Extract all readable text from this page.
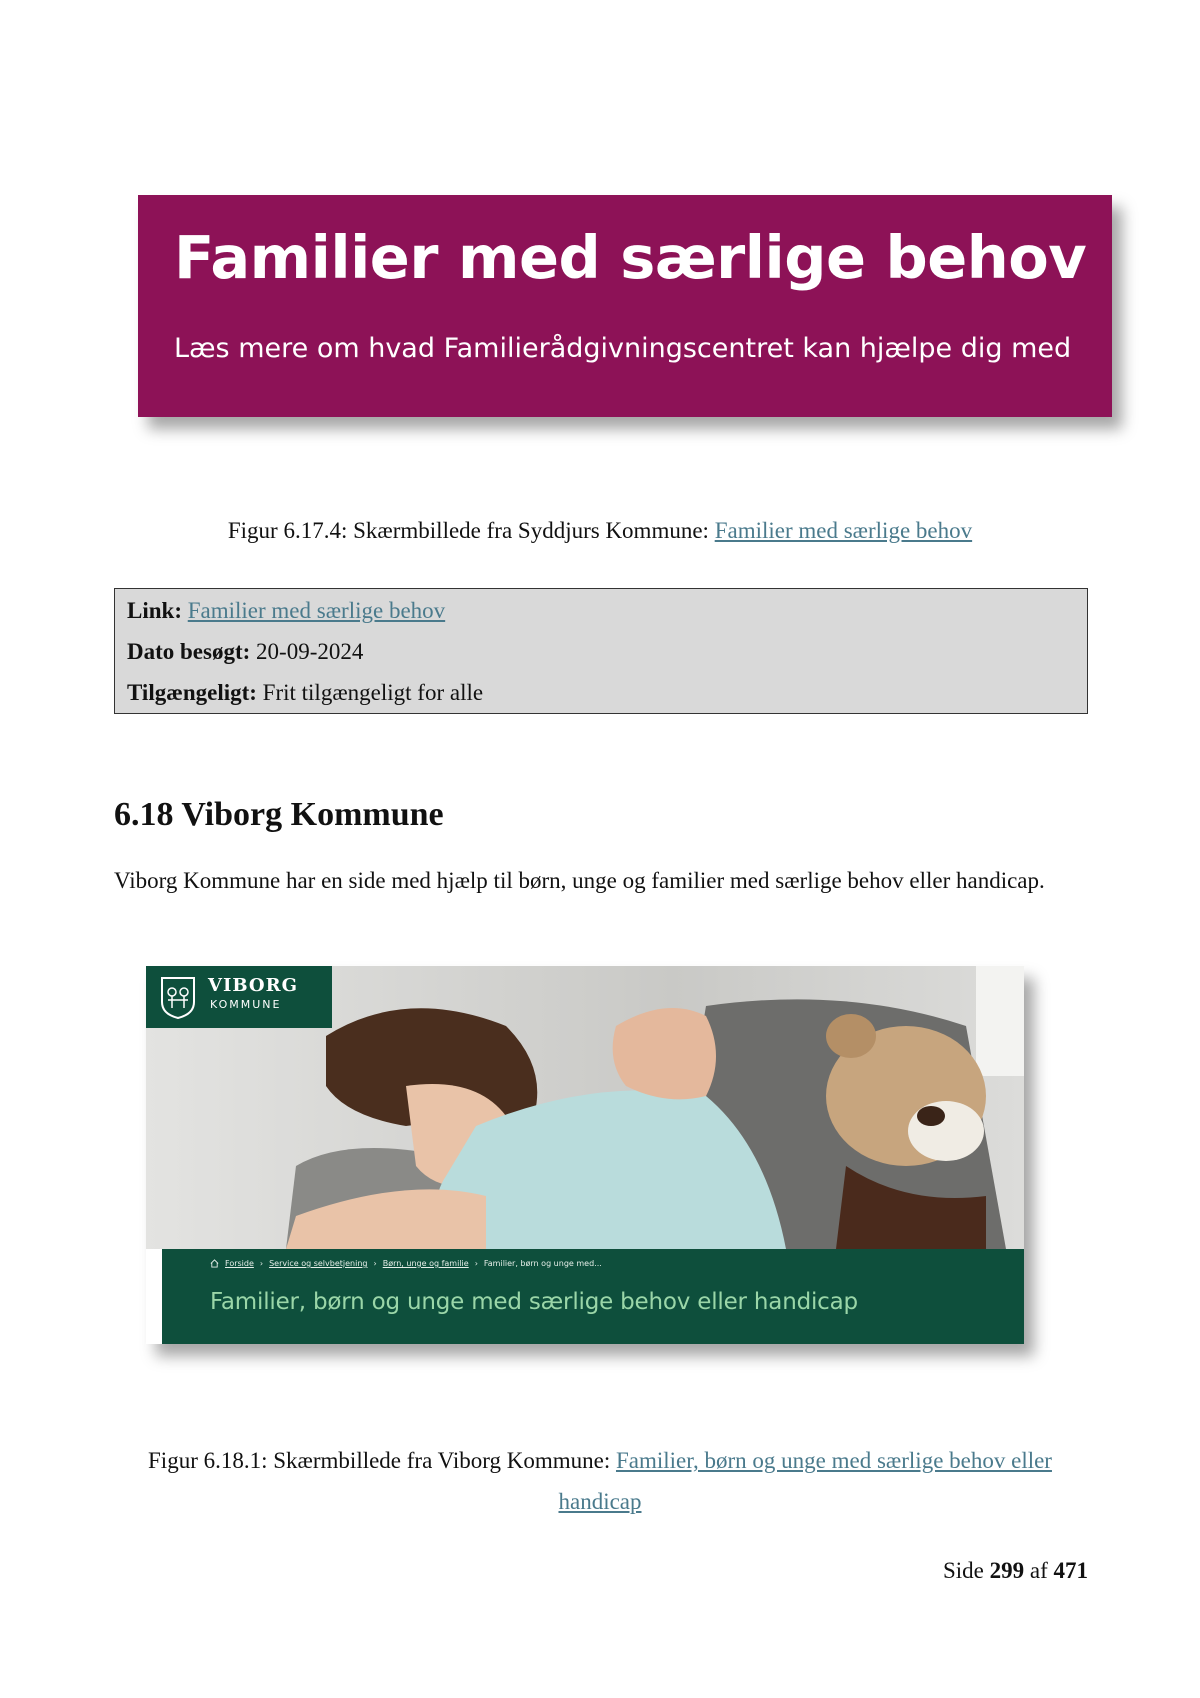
Familier med særlige behov
Læs mere om hvad Familierådgivningscentret kan hjælpe dig med
Figur 6.17.4: Skærmbillede fra Syddjurs Kommune: Familier med særlige behov
Link: Familier med særlige behov
Dato besøgt: 20-09-2024
Tilgængeligt: Frit tilgængeligt for alle
6.18 Viborg Kommune

Viborg Kommune har en side med hjælp til børn, unge og familier med særlige behov eller handicap.

VIBORG
KOMMUNE
Forside › Service og selvbetjening › Børn, unge og familie › Familier, børn og unge med...
Familier, børn og unge med særlige behov eller handicap
Figur 6.18.1: Skærmbillede fra Viborg Kommune: Familier, børn og unge med særlige behov eller
handicap
Side 299 af 471
